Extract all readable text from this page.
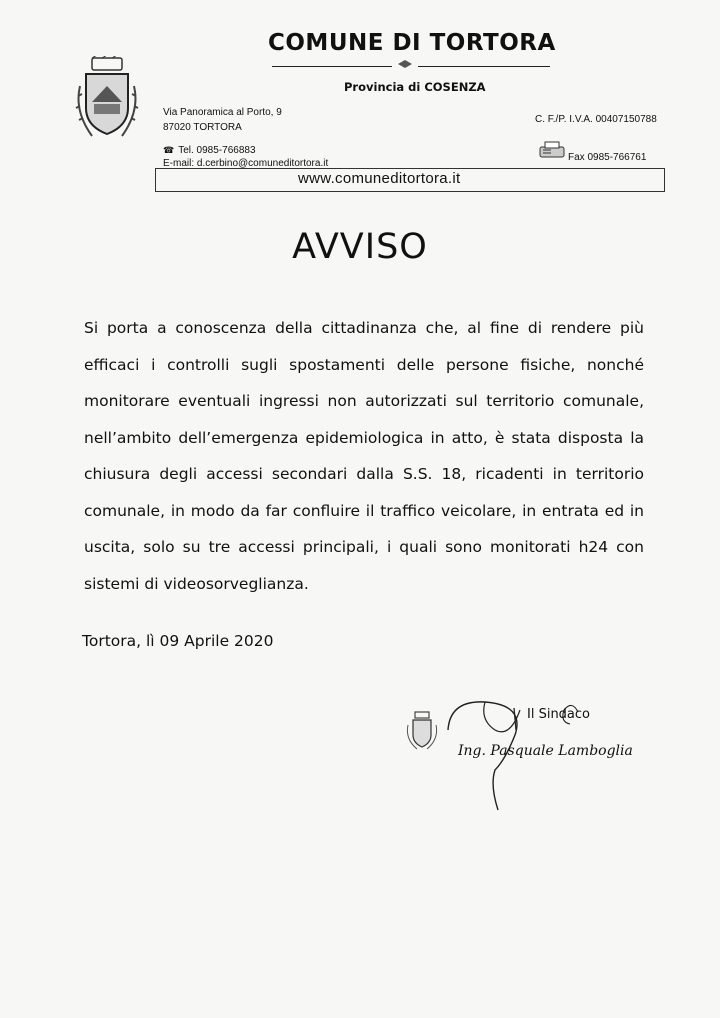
COMUNE DI TORTORA
Provincia di COSENZA
Via Panoramica al Porto, 9
87020 TORTORA
☎ Tel. 0985-766883
E-mail: d.cerbino@comuneditortora.it
C. F./P. I.V.A. 00407150788
Fax 0985-766761
www.comuneditortora.it
AVVISO
Si porta a conoscenza della cittadinanza che, al fine di rendere più efficaci i controlli sugli spostamenti delle persone fisiche, nonché monitorare eventuali ingressi non autorizzati sul territorio comunale, nell’ambito dell’emergenza epidemiologica in atto, è stata disposta la chiusura degli accessi secondari dalla S.S. 18, ricadenti in territorio comunale, in modo da far confluire il traffico veicolare, in entrata ed in uscita, solo su tre accessi principali, i quali sono monitorati h24 con sistemi di videosorveglianza.
Tortora, lì 09 Aprile 2020
Il Sindaco
Ing. Pasquale Lamboglia
